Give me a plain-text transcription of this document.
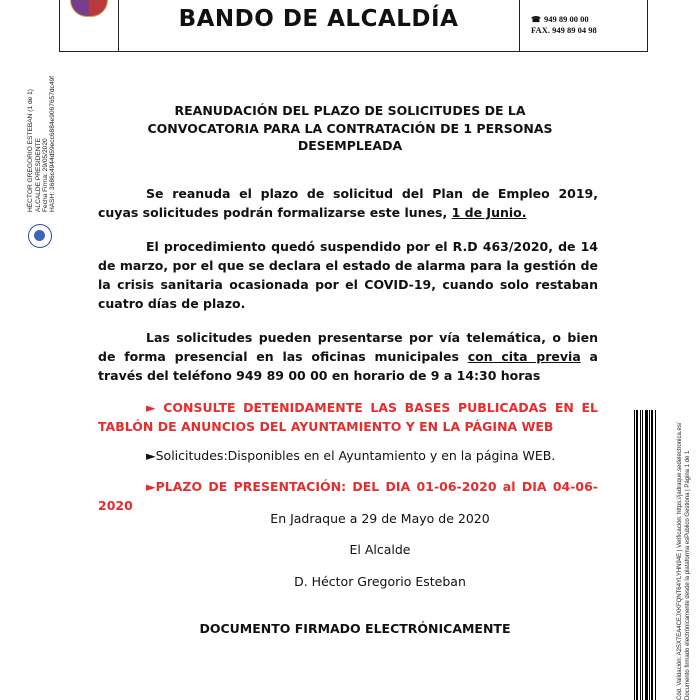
BANDO DE ALCALDÍA	☎ 949 89 00 00
FAX. 949 89 04 98
HÉCTOR GREGORIO ESTEBAN (1 de 1) ALCALDE PRESIDENTE Fecha Firma: 29/05/2020 HASH: 3686c4944d59ecc6884e9067657dc49f	REANUDACIÓN DEL PLAZO DE SOLICITUDES DE LA
CONVOCATORIA PARA LA CONTRATACIÓN DE 1 PERSONAS
DESEMPLEADA
Se reanuda el plazo de solicitud del Plan de Empleo 2019, cuyas solicitudes podrán formalizarse este lunes, 1 de Junio.
El procedimiento quedó suspendido por el R.D 463/2020, de 14 de marzo, por el que se declara el estado de alarma para la gestión de la crisis sanitaria ocasionada por el COVID-19, cuando solo restaban cuatro días de plazo.
Las solicitudes pueden presentarse por vía telemática, o bien de forma presencial en las oficinas municipales con cita previa a través del teléfono 949 89 00 00 en horario de 9 a 14:30 horas
► CONSULTE DETENIDAMENTE LAS BASES PUBLICADAS EN EL TABLÓN DE ANUNCIOS DEL AYUNTAMIENTO Y EN LA PÁGINA WEB
►Solicitudes:Disponibles en el Ayuntamiento y en la página WEB.
►PLAZO DE PRESENTACIÓN: DEL DIA 01-06-2020 al DIA 04-06-2020
En Jadraque a 29 de Mayo de 2020
El Alcalde
D. Héctor Gregorio Esteban
DOCUMENTO FIRMADO ELECTRÓNICAMENTE	Cód. Validación: A2SX7EA4CEJXKFQNT64YLYHN94E | Verificación: https://jadraque.sedelectronica.es/ Documento firmado electrónicamente desde la plataforma esPublico Gestiona | Página 1 de 1
